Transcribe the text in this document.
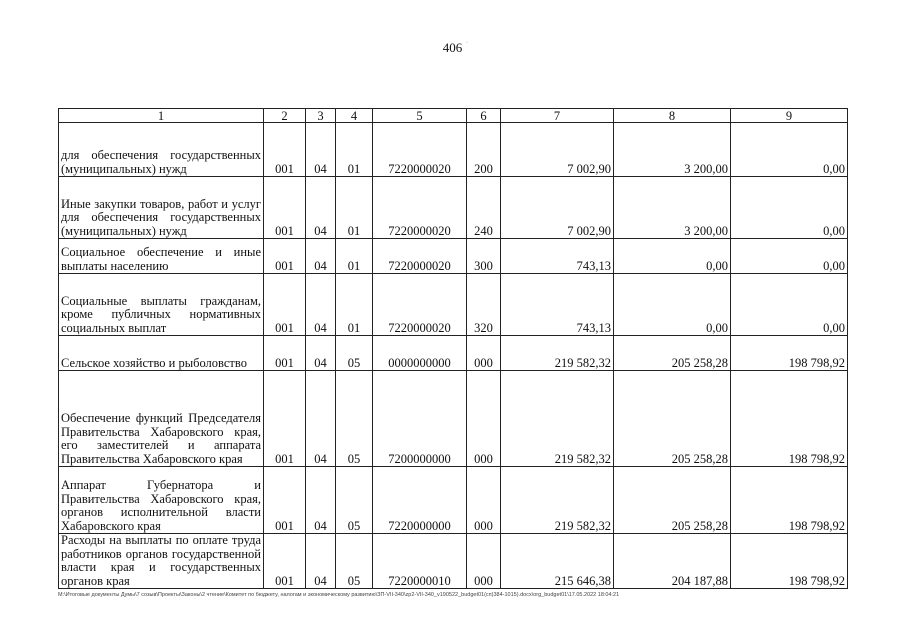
406 ·
1	2	3	4	5	6	7	8	9
для обеспечения государственных (муниципальных) нужд	001	04	01	7220000020	200	7 002,90	3 200,00	0,00
Иные закупки товаров, работ и услуг для обеспечения государственных (муниципальных) нужд	001	04	01	7220000020	240	7 002,90	3 200,00	0,00
Социальное обеспечение и иные выплаты населению	001	04	01	7220000020	300	743,13	0,00	0,00
Социальные выплаты гражданам, кроме публичных нормативных социальных выплат	001	04	01	7220000020	320	743,13	0,00	0,00
Сельское хозяйство и рыболовство	001	04	05	0000000000	000	219 582,32	205 258,28	198 798,92
Обеспечение функций Председателя Правительства Хабаровского края, его заместителей и аппарата Правительства Хабаровского края	001	04	05	7200000000	000	219 582,32	205 258,28	198 798,92
Аппарат Губернатора и Правительства Хабаровского края, органов исполнительной власти Хабаровского края	001	04	05	7220000000	000	219 582,32	205 258,28	198 798,92
Расходы на выплаты по оплате труда работников органов государственной власти края и государственных органов края	001	04	05	7220000010	000	215 646,38	204 187,88	198 798,92
M:\Итоговые документы Думы\7 созыв\Проекты\Законы\2 чтение\Комитет по бюджету, налогам и экономическому развитию\ЗП-VII-340\zp2-VII-340_v190522_budget01(сп)384-1015).docx\org_budget01\17.05.2022 18:04:21
